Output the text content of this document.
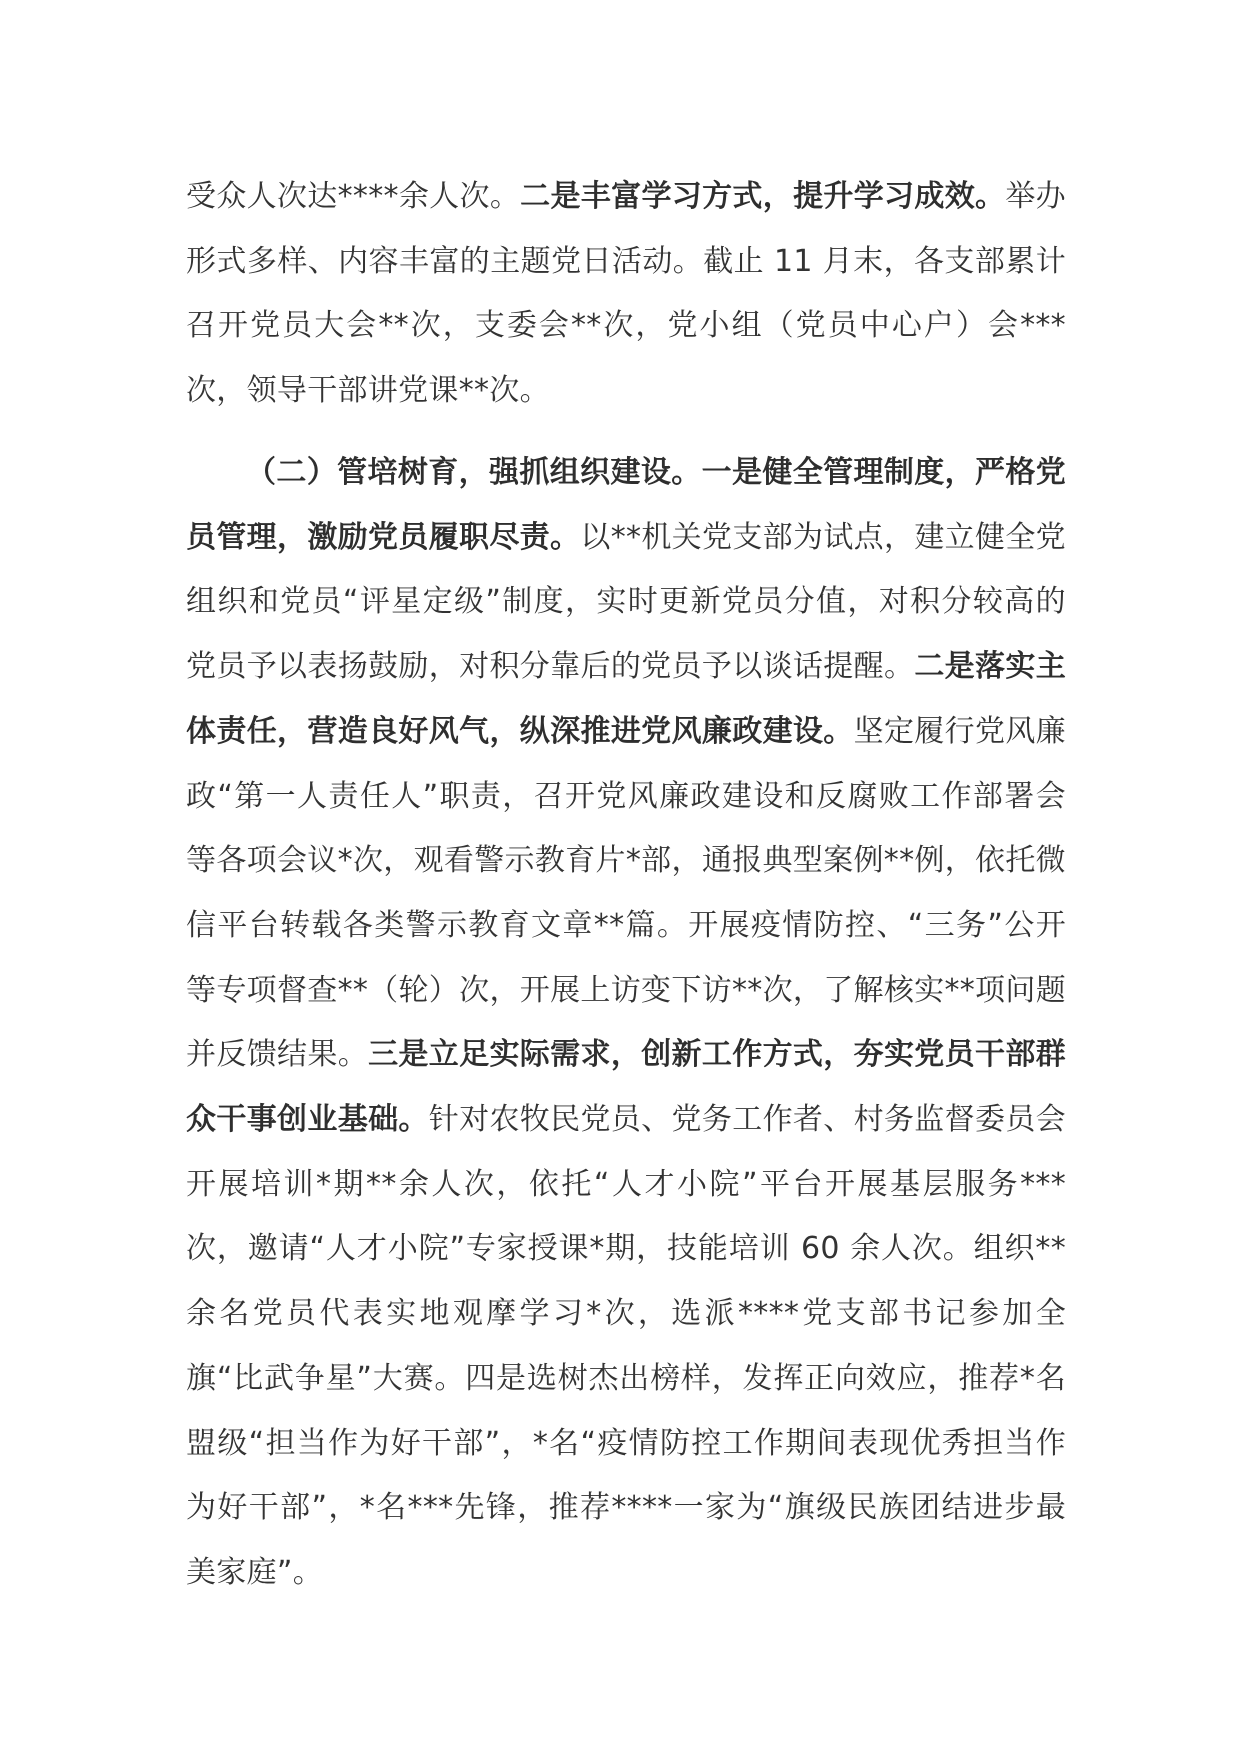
受众人次达****余人次。二是丰富学习方式，提升学习成效。举办形式多样、内容丰富的主题党日活动。截止 11 月末，各支部累计召开党员大会**次，支委会**次，党小组（党员中心户）会***次，领导干部讲党课**次。

（二）管培树育，强抓组织建设。一是健全管理制度，严格党员管理，激励党员履职尽责。以**机关党支部为试点，建立健全党组织和党员“评星定级”制度，实时更新党员分值，对积分较高的党员予以表扬鼓励，对积分靠后的党员予以谈话提醒。二是落实主体责任，营造良好风气，纵深推进党风廉政建设。坚定履行党风廉政“第一人责任人”职责，召开党风廉政建设和反腐败工作部署会等各项会议*次，观看警示教育片*部，通报典型案例**例，依托微信平台转载各类警示教育文章**篇。开展疫情防控、“三务”公开等专项督查**（轮）次，开展上访变下访**次，了解核实**项问题并反馈结果。三是立足实际需求，创新工作方式，夯实党员干部群众干事创业基础。针对农牧民党员、党务工作者、村务监督委员会开展培训*期**余人次，依托“人才小院”平台开展基层服务***次，邀请“人才小院”专家授课*期，技能培训 60 余人次。组织**余名党员代表实地观摩学习*次，选派****党支部书记参加全旗“比武争星”大赛。四是选树杰出榜样，发挥正向效应，推荐*名盟级“担当作为好干部”，*名“疫情防控工作期间表现优秀担当作为好干部”，*名***先锋，推荐****一家为“旗级民族团结进步最美家庭”。
